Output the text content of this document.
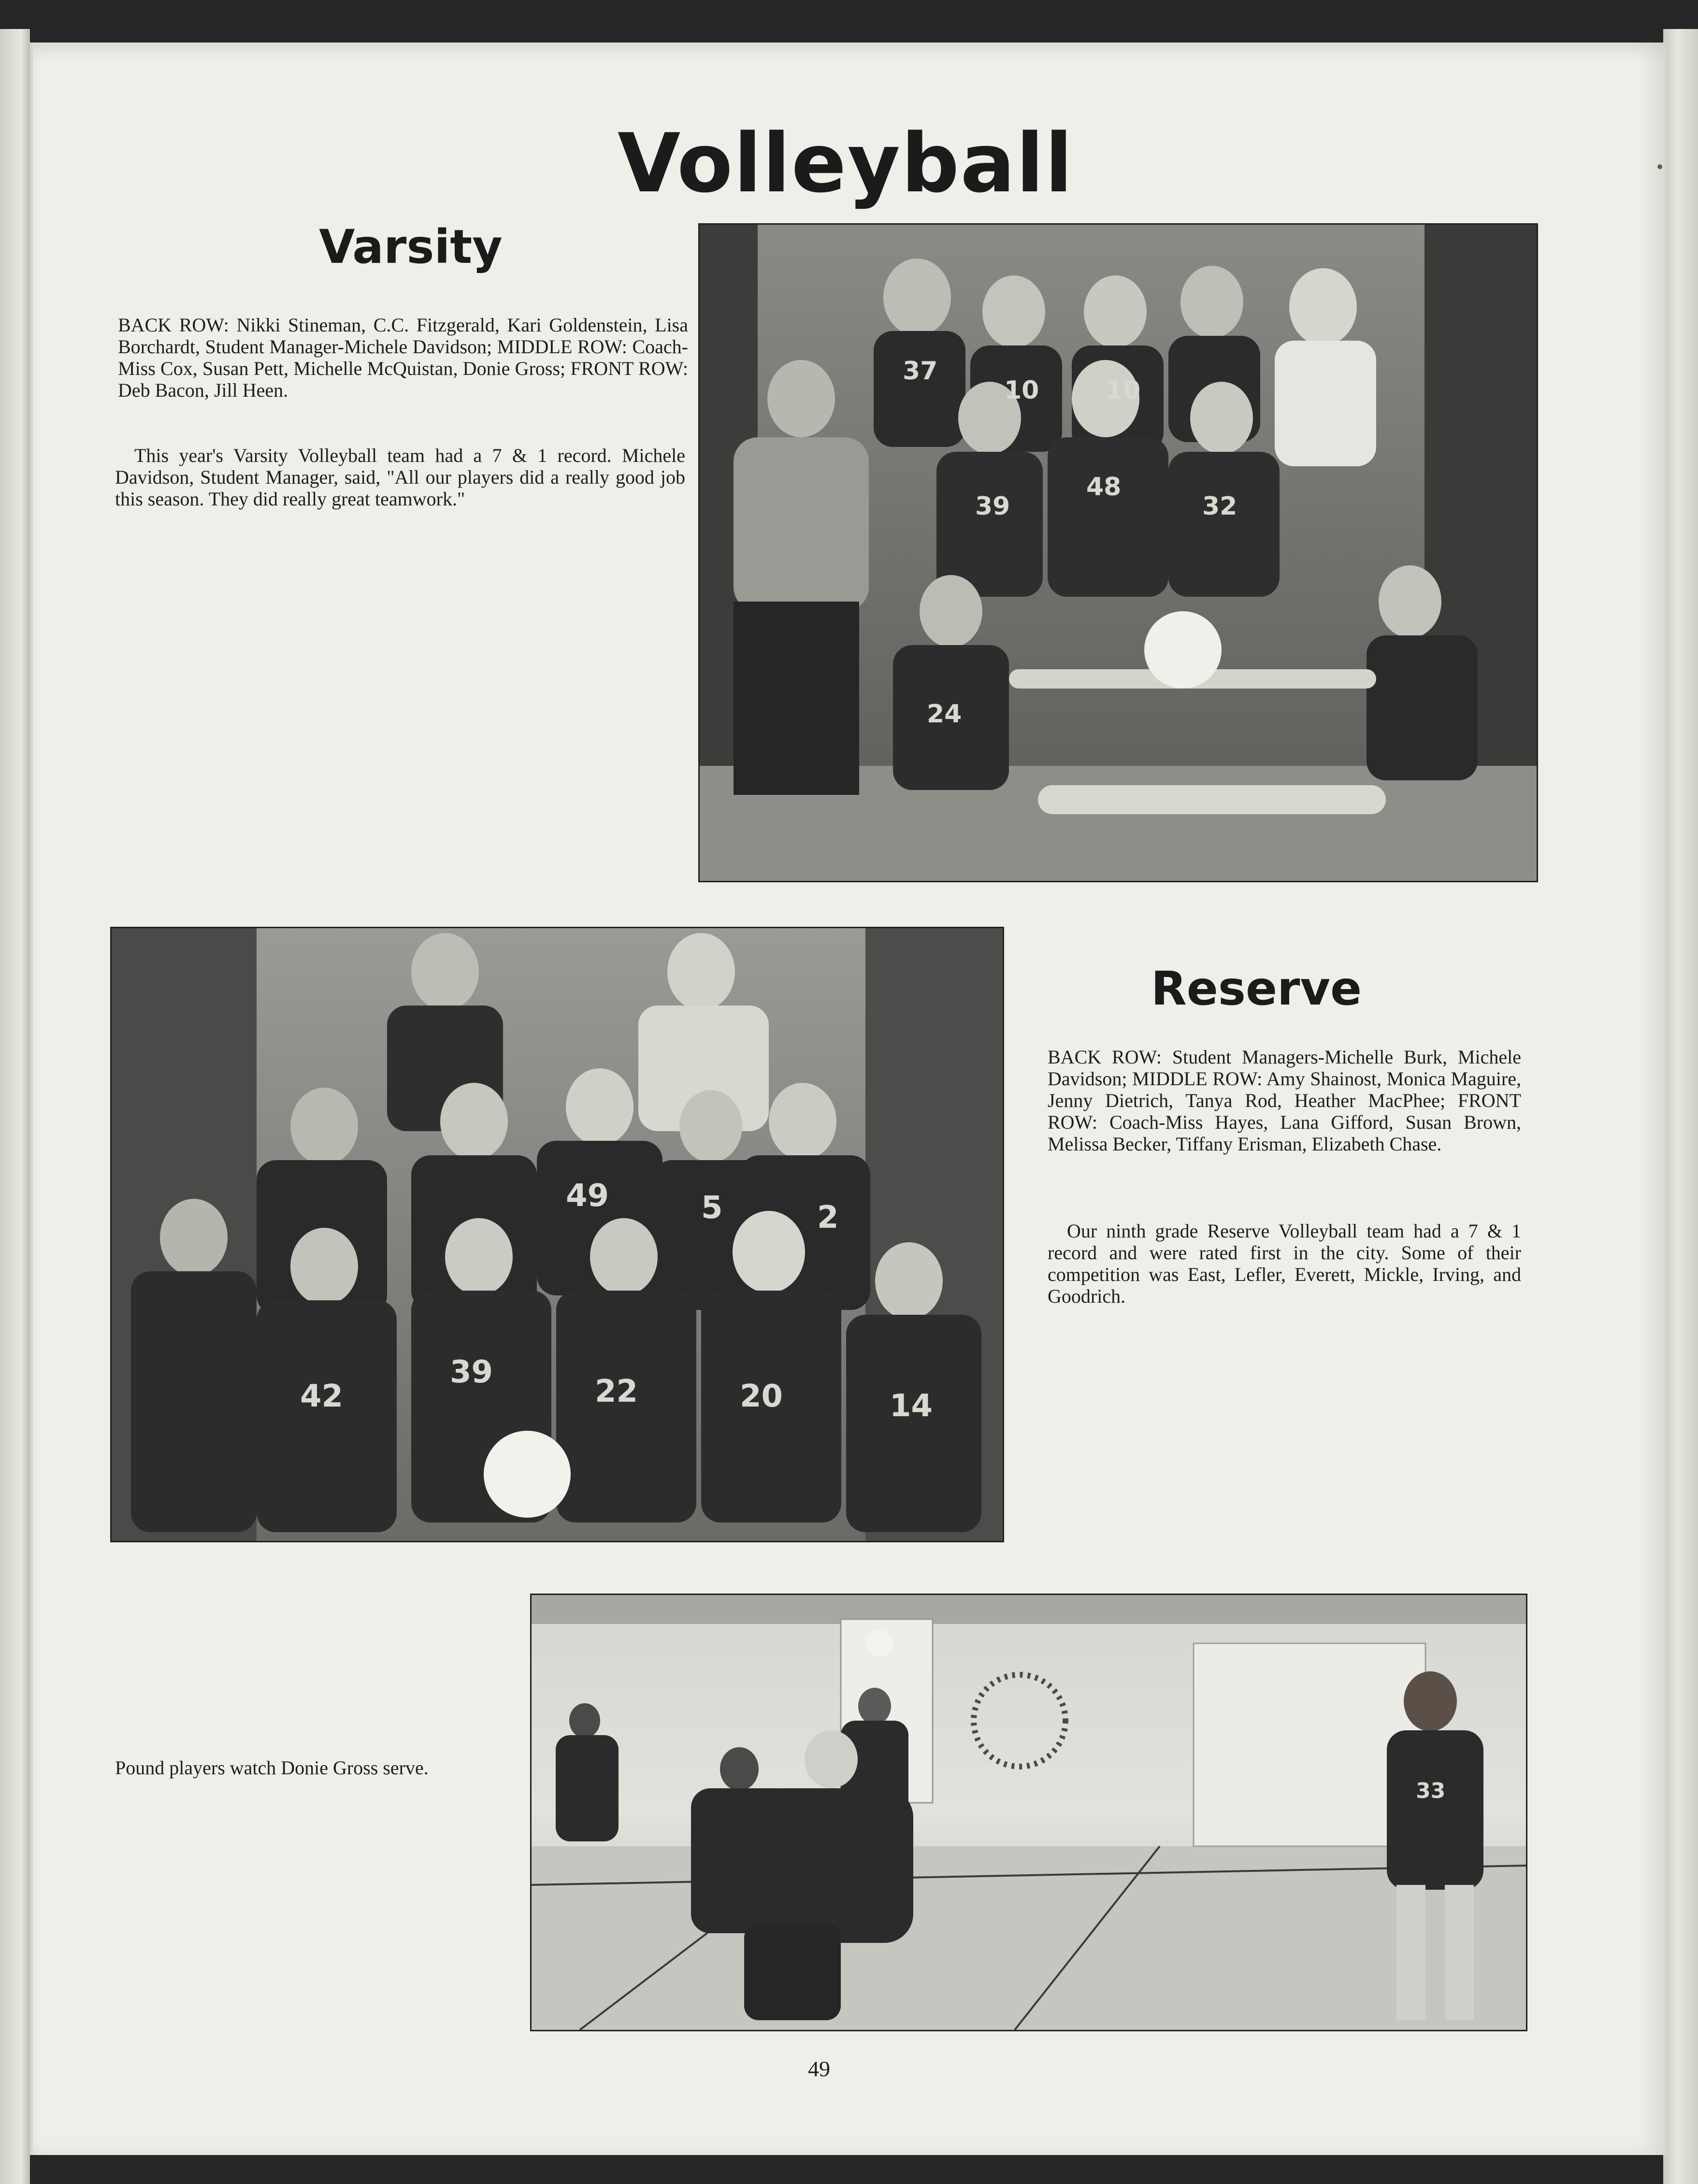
Volleyball
Varsity
BACK ROW: Nikki Stineman, C.C. Fitzgerald, Kari Goldenstein, Lisa Borchardt, Student Manager-Michele Davidson; MIDDLE ROW: Coach-Miss Cox, Susan Pett, Michelle McQuistan, Donie Gross; FRONT ROW: Deb Bacon, Jill Heen.
This year's Varsity Volleyball team had a 7 & 1 record. Michele Davidson, Student Manager, said, "All our players did a really good job this season. They did really great teamwork."
37
10	10
39
48
32
24
49	5	2
42
39
22	20	14
Reserve
BACK ROW: Student Managers-Michelle Burk, Michele Davidson; MIDDLE ROW: Amy Shainost, Monica Maguire, Jenny Dietrich, Tanya Rod, Heather MacPhee; FRONT ROW: Coach-Miss Hayes, Lana Gifford, Susan Brown, Melissa Becker, Tiffany Erisman, Elizabeth Chase.
Our ninth grade Reserve Volleyball team had a 7 & 1 record and were rated first in the city. Some of their competition was East, Lefler, Everett, Mickle, Irving, and Goodrich.
33
Pound players watch Donie Gross serve.
49
